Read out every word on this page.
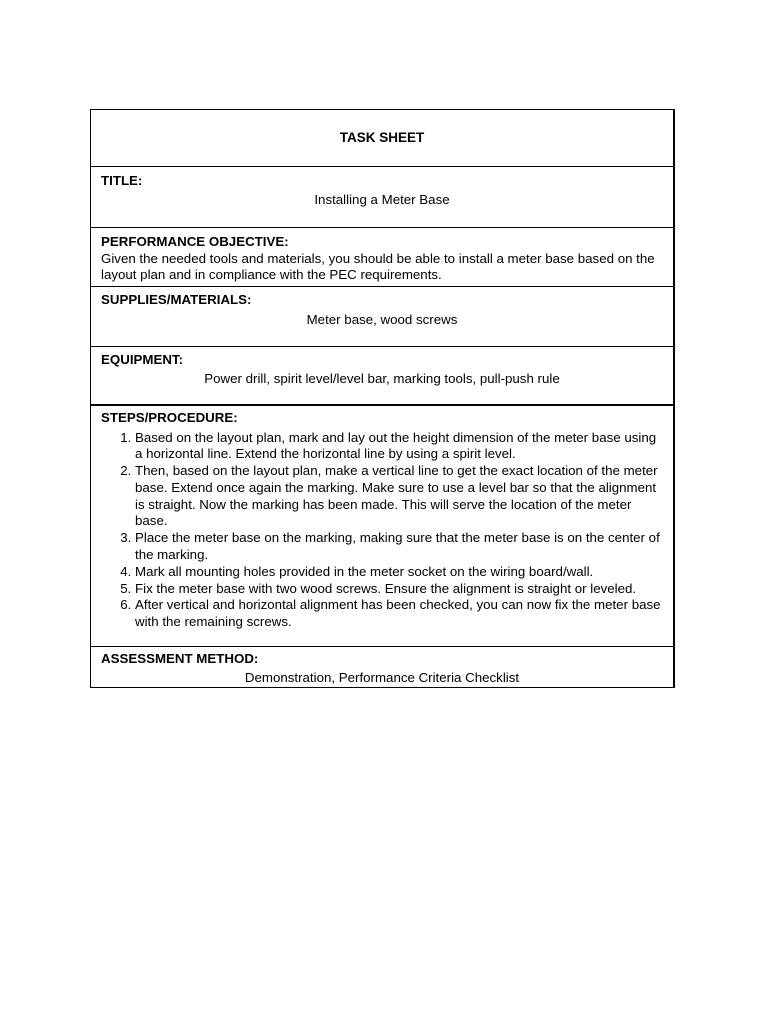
TASK SHEET
TITLE:
Installing a Meter Base
PERFORMANCE OBJECTIVE:
Given the needed tools and materials, you should be able to install a meter base based on the layout plan and in compliance with the PEC requirements.
SUPPLIES/MATERIALS:
Meter base, wood screws
EQUIPMENT:
Power drill, spirit level/level bar, marking tools, pull-push rule
STEPS/PROCEDURE:
1. Based on the layout plan, mark and lay out the height dimension of the meter base using a horizontal line. Extend the horizontal line by using a spirit level.
2. Then, based on the layout plan, make a vertical line to get the exact location of the meter base. Extend once again the marking. Make sure to use a level bar so that the alignment is straight. Now the marking has been made. This will serve the location of the meter base.
3. Place the meter base on the marking, making sure that the meter base is on the center of the marking.
4. Mark all mounting holes provided in the meter socket on the wiring board/wall.
5. Fix the meter base with two wood screws. Ensure the alignment is straight or leveled.
6. After vertical and horizontal alignment has been checked, you can now fix the meter base with the remaining screws.
ASSESSMENT METHOD:
Demonstration, Performance Criteria Checklist
